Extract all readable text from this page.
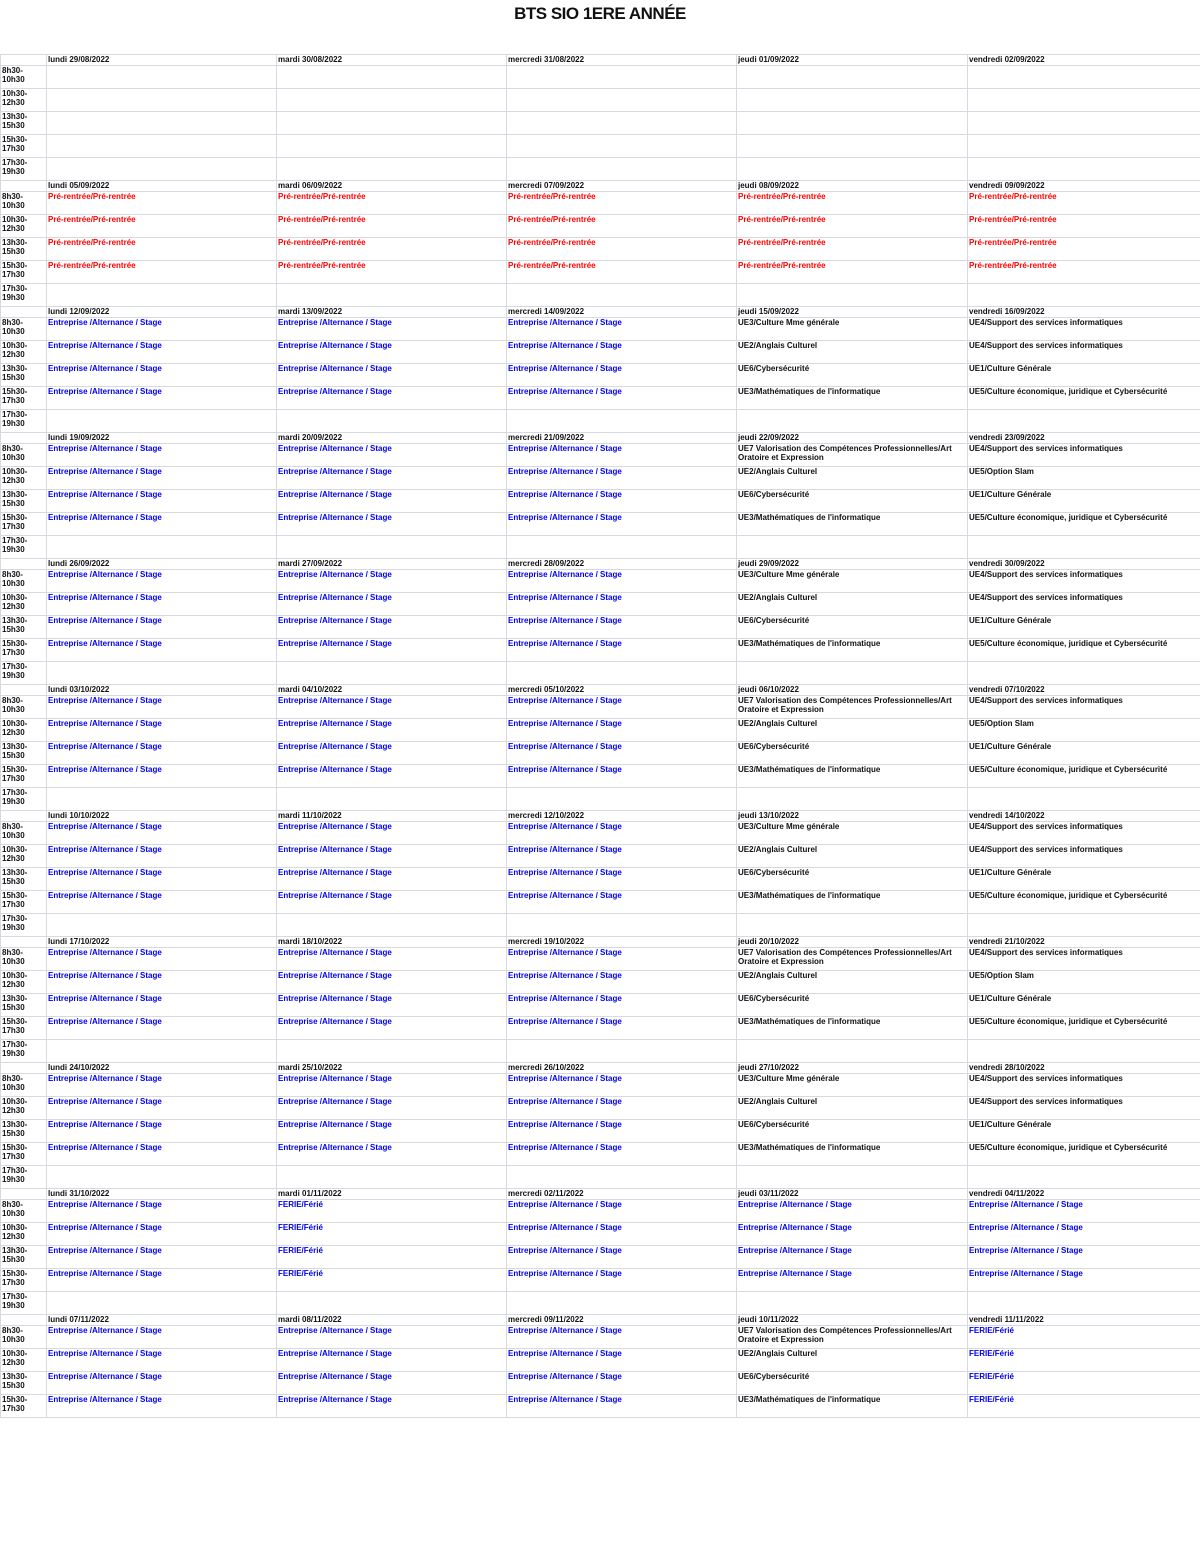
BTS SIO 1ERE ANNÉE
	lundi 29/08/2022	mardi 30/08/2022	mercredi 31/08/2022	jeudi 01/09/2022	vendredi 02/09/2022
8h30-10h30					
10h30-12h30					
13h30-15h30					
15h30-17h30					
17h30-19h30					
	lundi 05/09/2022	mardi 06/09/2022	mercredi 07/09/2022	jeudi 08/09/2022	vendredi 09/09/2022
8h30-10h30	Pré-rentrée/Pré-rentrée	Pré-rentrée/Pré-rentrée	Pré-rentrée/Pré-rentrée	Pré-rentrée/Pré-rentrée	Pré-rentrée/Pré-rentrée
10h30-12h30	Pré-rentrée/Pré-rentrée	Pré-rentrée/Pré-rentrée	Pré-rentrée/Pré-rentrée	Pré-rentrée/Pré-rentrée	Pré-rentrée/Pré-rentrée
13h30-15h30	Pré-rentrée/Pré-rentrée	Pré-rentrée/Pré-rentrée	Pré-rentrée/Pré-rentrée	Pré-rentrée/Pré-rentrée	Pré-rentrée/Pré-rentrée
15h30-17h30	Pré-rentrée/Pré-rentrée	Pré-rentrée/Pré-rentrée	Pré-rentrée/Pré-rentrée	Pré-rentrée/Pré-rentrée	Pré-rentrée/Pré-rentrée
17h30-19h30					
	lundi 12/09/2022	mardi 13/09/2022	mercredi 14/09/2022	jeudi 15/09/2022	vendredi 16/09/2022
8h30-10h30	Entreprise /Alternance / Stage	Entreprise /Alternance / Stage	Entreprise /Alternance / Stage	UE3/Culture Mme générale	UE4/Support des services informatiques
10h30-12h30	Entreprise /Alternance / Stage	Entreprise /Alternance / Stage	Entreprise /Alternance / Stage	UE2/Anglais Culturel	UE4/Support des services informatiques
13h30-15h30	Entreprise /Alternance / Stage	Entreprise /Alternance / Stage	Entreprise /Alternance / Stage	UE6/Cybersécurité	UE1/Culture Générale
15h30-17h30	Entreprise /Alternance / Stage	Entreprise /Alternance / Stage	Entreprise /Alternance / Stage	UE3/Mathématiques de l'informatique	UE5/Culture économique, juridique et Cybersécurité
17h30-19h30					
	lundi 19/09/2022	mardi 20/09/2022	mercredi 21/09/2022	jeudi 22/09/2022	vendredi 23/09/2022
8h30-10h30	Entreprise /Alternance / Stage	Entreprise /Alternance / Stage	Entreprise /Alternance / Stage	UE7 Valorisation des Compétences Professionnelles/Art Oratoire et Expression	UE4/Support des services informatiques
10h30-12h30	Entreprise /Alternance / Stage	Entreprise /Alternance / Stage	Entreprise /Alternance / Stage	UE2/Anglais Culturel	UE5/Option Slam
13h30-15h30	Entreprise /Alternance / Stage	Entreprise /Alternance / Stage	Entreprise /Alternance / Stage	UE6/Cybersécurité	UE1/Culture Générale
15h30-17h30	Entreprise /Alternance / Stage	Entreprise /Alternance / Stage	Entreprise /Alternance / Stage	UE3/Mathématiques de l'informatique	UE5/Culture économique, juridique et Cybersécurité
17h30-19h30					
	lundi 26/09/2022	mardi 27/09/2022	mercredi 28/09/2022	jeudi 29/09/2022	vendredi 30/09/2022
8h30-10h30	Entreprise /Alternance / Stage	Entreprise /Alternance / Stage	Entreprise /Alternance / Stage	UE3/Culture Mme générale	UE4/Support des services informatiques
10h30-12h30	Entreprise /Alternance / Stage	Entreprise /Alternance / Stage	Entreprise /Alternance / Stage	UE2/Anglais Culturel	UE4/Support des services informatiques
13h30-15h30	Entreprise /Alternance / Stage	Entreprise /Alternance / Stage	Entreprise /Alternance / Stage	UE6/Cybersécurité	UE1/Culture Générale
15h30-17h30	Entreprise /Alternance / Stage	Entreprise /Alternance / Stage	Entreprise /Alternance / Stage	UE3/Mathématiques de l'informatique	UE5/Culture économique, juridique et Cybersécurité
17h30-19h30					
	lundi 03/10/2022	mardi 04/10/2022	mercredi 05/10/2022	jeudi 06/10/2022	vendredi 07/10/2022
8h30-10h30	Entreprise /Alternance / Stage	Entreprise /Alternance / Stage	Entreprise /Alternance / Stage	UE7 Valorisation des Compétences Professionnelles/Art Oratoire et Expression	UE4/Support des services informatiques
10h30-12h30	Entreprise /Alternance / Stage	Entreprise /Alternance / Stage	Entreprise /Alternance / Stage	UE2/Anglais Culturel	UE5/Option Slam
13h30-15h30	Entreprise /Alternance / Stage	Entreprise /Alternance / Stage	Entreprise /Alternance / Stage	UE6/Cybersécurité	UE1/Culture Générale
15h30-17h30	Entreprise /Alternance / Stage	Entreprise /Alternance / Stage	Entreprise /Alternance / Stage	UE3/Mathématiques de l'informatique	UE5/Culture économique, juridique et Cybersécurité
17h30-19h30					
	lundi 10/10/2022	mardi 11/10/2022	mercredi 12/10/2022	jeudi 13/10/2022	vendredi 14/10/2022
8h30-10h30	Entreprise /Alternance / Stage	Entreprise /Alternance / Stage	Entreprise /Alternance / Stage	UE3/Culture Mme générale	UE4/Support des services informatiques
10h30-12h30	Entreprise /Alternance / Stage	Entreprise /Alternance / Stage	Entreprise /Alternance / Stage	UE2/Anglais Culturel	UE4/Support des services informatiques
13h30-15h30	Entreprise /Alternance / Stage	Entreprise /Alternance / Stage	Entreprise /Alternance / Stage	UE6/Cybersécurité	UE1/Culture Générale
15h30-17h30	Entreprise /Alternance / Stage	Entreprise /Alternance / Stage	Entreprise /Alternance / Stage	UE3/Mathématiques de l'informatique	UE5/Culture économique, juridique et Cybersécurité
17h30-19h30					
	lundi 17/10/2022	mardi 18/10/2022	mercredi 19/10/2022	jeudi 20/10/2022	vendredi 21/10/2022
8h30-10h30	Entreprise /Alternance / Stage	Entreprise /Alternance / Stage	Entreprise /Alternance / Stage	UE7 Valorisation des Compétences Professionnelles/Art Oratoire et Expression	UE4/Support des services informatiques
10h30-12h30	Entreprise /Alternance / Stage	Entreprise /Alternance / Stage	Entreprise /Alternance / Stage	UE2/Anglais Culturel	UE5/Option Slam
13h30-15h30	Entreprise /Alternance / Stage	Entreprise /Alternance / Stage	Entreprise /Alternance / Stage	UE6/Cybersécurité	UE1/Culture Générale
15h30-17h30	Entreprise /Alternance / Stage	Entreprise /Alternance / Stage	Entreprise /Alternance / Stage	UE3/Mathématiques de l'informatique	UE5/Culture économique, juridique et Cybersécurité
17h30-19h30					
	lundi 24/10/2022	mardi 25/10/2022	mercredi 26/10/2022	jeudi 27/10/2022	vendredi 28/10/2022
8h30-10h30	Entreprise /Alternance / Stage	Entreprise /Alternance / Stage	Entreprise /Alternance / Stage	UE3/Culture Mme générale	UE4/Support des services informatiques
10h30-12h30	Entreprise /Alternance / Stage	Entreprise /Alternance / Stage	Entreprise /Alternance / Stage	UE2/Anglais Culturel	UE4/Support des services informatiques
13h30-15h30	Entreprise /Alternance / Stage	Entreprise /Alternance / Stage	Entreprise /Alternance / Stage	UE6/Cybersécurité	UE1/Culture Générale
15h30-17h30	Entreprise /Alternance / Stage	Entreprise /Alternance / Stage	Entreprise /Alternance / Stage	UE3/Mathématiques de l'informatique	UE5/Culture économique, juridique et Cybersécurité
17h30-19h30					
	lundi 31/10/2022	mardi 01/11/2022	mercredi 02/11/2022	jeudi 03/11/2022	vendredi 04/11/2022
8h30-10h30	Entreprise /Alternance / Stage	FERIE/Férié	Entreprise /Alternance / Stage	Entreprise /Alternance / Stage	Entreprise /Alternance / Stage
10h30-12h30	Entreprise /Alternance / Stage	FERIE/Férié	Entreprise /Alternance / Stage	Entreprise /Alternance / Stage	Entreprise /Alternance / Stage
13h30-15h30	Entreprise /Alternance / Stage	FERIE/Férié	Entreprise /Alternance / Stage	Entreprise /Alternance / Stage	Entreprise /Alternance / Stage
15h30-17h30	Entreprise /Alternance / Stage	FERIE/Férié	Entreprise /Alternance / Stage	Entreprise /Alternance / Stage	Entreprise /Alternance / Stage
17h30-19h30					
	lundi 07/11/2022	mardi 08/11/2022	mercredi 09/11/2022	jeudi 10/11/2022	vendredi 11/11/2022
8h30-10h30	Entreprise /Alternance / Stage	Entreprise /Alternance / Stage	Entreprise /Alternance / Stage	UE7 Valorisation des Compétences Professionnelles/Art Oratoire et Expression	FERIE/Férié
10h30-12h30	Entreprise /Alternance / Stage	Entreprise /Alternance / Stage	Entreprise /Alternance / Stage	UE2/Anglais Culturel	FERIE/Férié
13h30-15h30	Entreprise /Alternance / Stage	Entreprise /Alternance / Stage	Entreprise /Alternance / Stage	UE6/Cybersécurité	FERIE/Férié
15h30-17h30	Entreprise /Alternance / Stage	Entreprise /Alternance / Stage	Entreprise /Alternance / Stage	UE3/Mathématiques de l'informatique	FERIE/Férié
